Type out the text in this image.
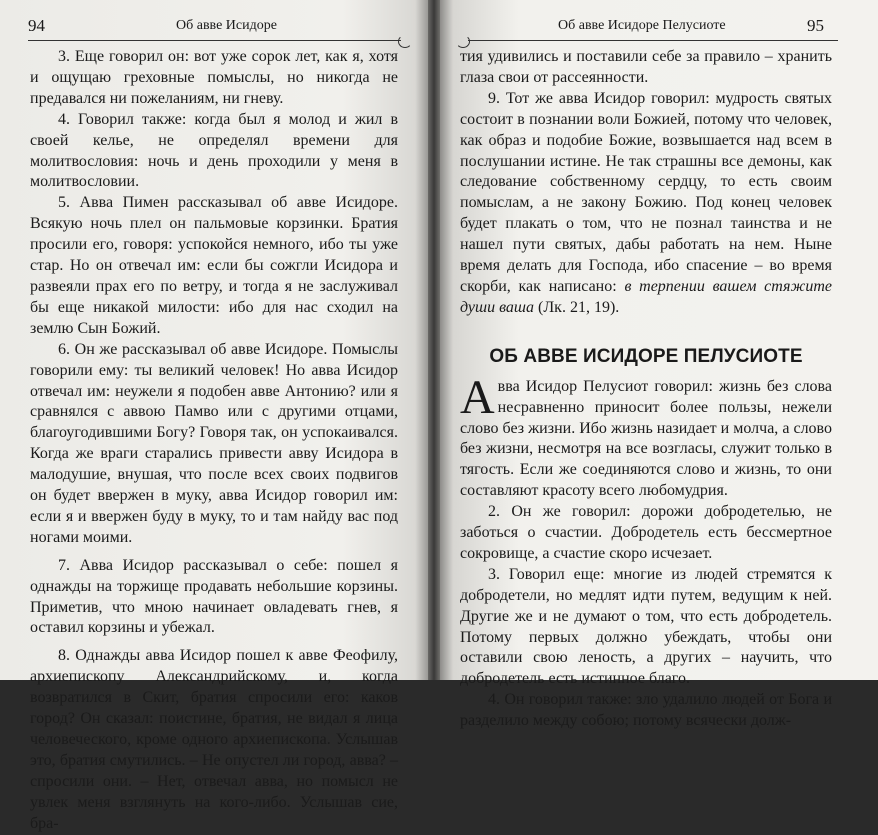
94	Об авве Исидоре

3. Еще говорил он: вот уже сорок лет, как я, хотя и ощущаю греховные помыслы, но никогда не предавался ни пожеланиям, ни гневу.

4. Говорил также: когда был я молод и жил в своей келье, не определял времени для молитвословия: ночь и день проходили у меня в молитвословии.

5. Авва Пимен рассказывал об авве Исидоре. Всякую ночь плел он пальмовые корзинки. Братия просили его, говоря: успокойся немного, ибо ты уже стар. Но он отвечал им: если бы сожгли Исидора и развеяли прах его по ветру, и тогда я не заслуживал бы еще никакой милости: ибо для нас сходил на землю Сын Божий.

6. Он же рассказывал об авве Исидоре. Помыслы говорили ему: ты великий человек! Но авва Исидор отвечал им: неужели я подобен авве Антонию? или я сравнялся с аввою Памво или с другими отцами, благоугодившими Богу? Говоря так, он успокаивался. Когда же враги старались привести авву Исидора в малодушие, внушая, что после всех своих подвигов он будет ввержен в муку, авва Исидор говорил им: если я и ввержен буду в муку, то и там найду вас под ногами моими.

7. Авва Исидор рассказывал о себе: пошел я однажды на торжище продавать небольшие корзины. Приметив, что мною начинает овладевать гнев, я оставил корзины и убежал.

8. Однажды авва Исидор пошел к авве Феофилу, архиепископу Александрийскому, и, когда возвратился в Скит, братия спросили его: каков город? Он сказал: поистине, братия, не видал я лица человеческого, кроме одного архиепископа. Услышав это, братия смутились. – Не опустел ли город, авва? – спросили они. – Нет, отвечал авва, но помысл не увлек меня взглянуть на кого-либо. Услышав сие, бра-

Об авве Исидоре Пелусиоте	95

тия удивились и поставили себе за правило – хранить глаза свои от рассеянности.

9. Тот же авва Исидор говорил: мудрость святых состоит в познании воли Божией, потому что человек, как образ и подобие Божие, возвышается над всем в послушании истине. Не так страшны все демоны, как следование собственному сердцу, то есть своим помыслам, а не закону Божию. Под конец человек будет плакать о том, что не познал таинства и не нашел пути святых, дабы работать на нем. Ныне время делать для Господа, ибо спасение – во время скорби, как написано: в терпении вашем стяжите души ваша (Лк. 21, 19).

ОБ АВВЕ ИСИДОРЕ ПЕЛУСИОТЕ

Авва Исидор Пелусиот говорил: жизнь без слова несравненно приносит более пользы, нежели слово без жизни. Ибо жизнь назидает и молча, а слово без жизни, несмотря на все возгласы, служит только в тягость. Если же соединяются слово и жизнь, то они составляют красоту всего любомудрия.

2. Он же говорил: дорожи добродетелью, не заботься о счастии. Добродетель есть бессмертное сокровище, а счастие скоро исчезает.

3. Говорил еще: многие из людей стремятся к добродетели, но медлят идти путем, ведущим к ней. Другие же и не думают о том, что есть добродетель. Потому первых должно убеждать, чтобы они оставили свою леность, а других – научить, что добродетель есть истинное благо.

4. Он говорил также: зло удалило людей от Бога и разделило между собою; потому всячески долж-
